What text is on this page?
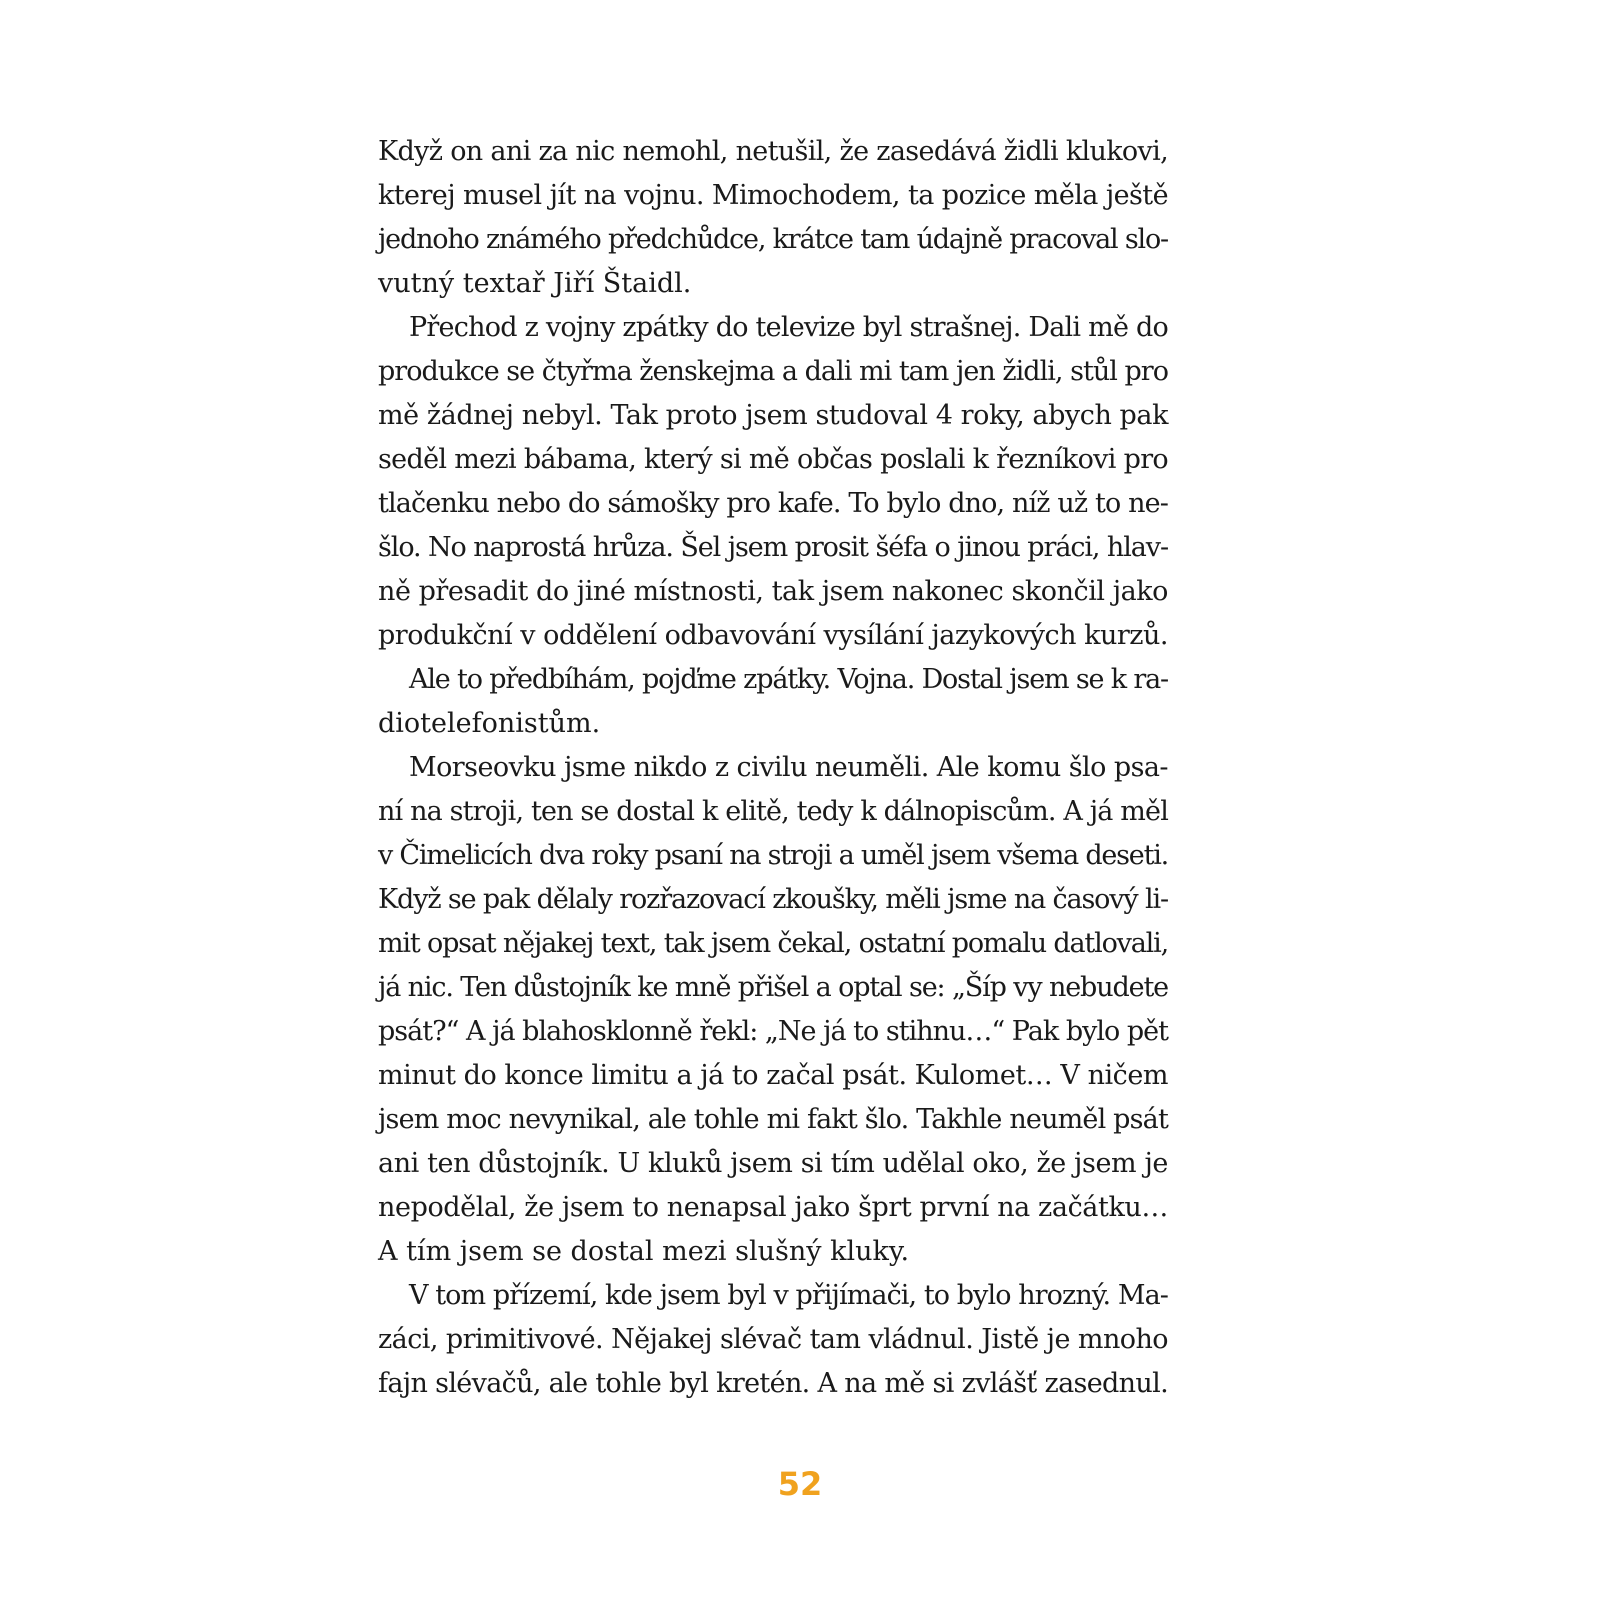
Když on ani za nic nemohl, netušil, že zasedává židli klukovi,
kterej musel jít na vojnu. Mimochodem, ta pozice měla ještě
jednoho známého předchůdce, krátce tam údajně pracoval slo-
vutný textař Jiří Štaidl.
Přechod z vojny zpátky do televize byl strašnej. Dali mě do
produkce se čtyřma ženskejma a dali mi tam jen židli, stůl pro
mě žádnej nebyl. Tak proto jsem studoval 4 roky, abych pak
seděl mezi bábama, který si mě občas poslali k řezníkovi pro
tlačenku nebo do sámošky pro kafe. To bylo dno, níž už to ne-
šlo. No naprostá hrůza. Šel jsem prosit šéfa o jinou práci, hlav-
ně přesadit do jiné místnosti, tak jsem nakonec skončil jako
produkční v oddělení odbavování vysílání jazykových kurzů.
Ale to předbíhám, pojďme zpátky. Vojna. Dostal jsem se k ra-
diotelefonistům.
Morseovku jsme nikdo z civilu neuměli. Ale komu šlo psa-
ní na stroji, ten se dostal k elitě, tedy k dálnopiscům. A já měl
v Čimelicích dva roky psaní na stroji a uměl jsem všema deseti.
Když se pak dělaly rozřazovací zkoušky, měli jsme na časový li-
mit opsat nějakej text, tak jsem čekal, ostatní pomalu datlovali,
já nic. Ten důstojník ke mně přišel a optal se: „Šíp vy nebudete
psát?“ A já blahosklonně řekl: „Ne já to stihnu…“ Pak bylo pět
minut do konce limitu a já to začal psát. Kulomet… V ničem
jsem moc nevynikal, ale tohle mi fakt šlo. Takhle neuměl psát
ani ten důstojník. U kluků jsem si tím udělal oko, že jsem je
nepodělal, že jsem to nenapsal jako šprt první na začátku…
A tím jsem se dostal mezi slušný kluky.
V tom přízemí, kde jsem byl v přijímači, to bylo hrozný. Ma-
záci, primitivové. Nějakej slévač tam vládnul. Jistě je mnoho
fajn slévačů, ale tohle byl kretén. A na mě si zvlášť zasednul.
52
